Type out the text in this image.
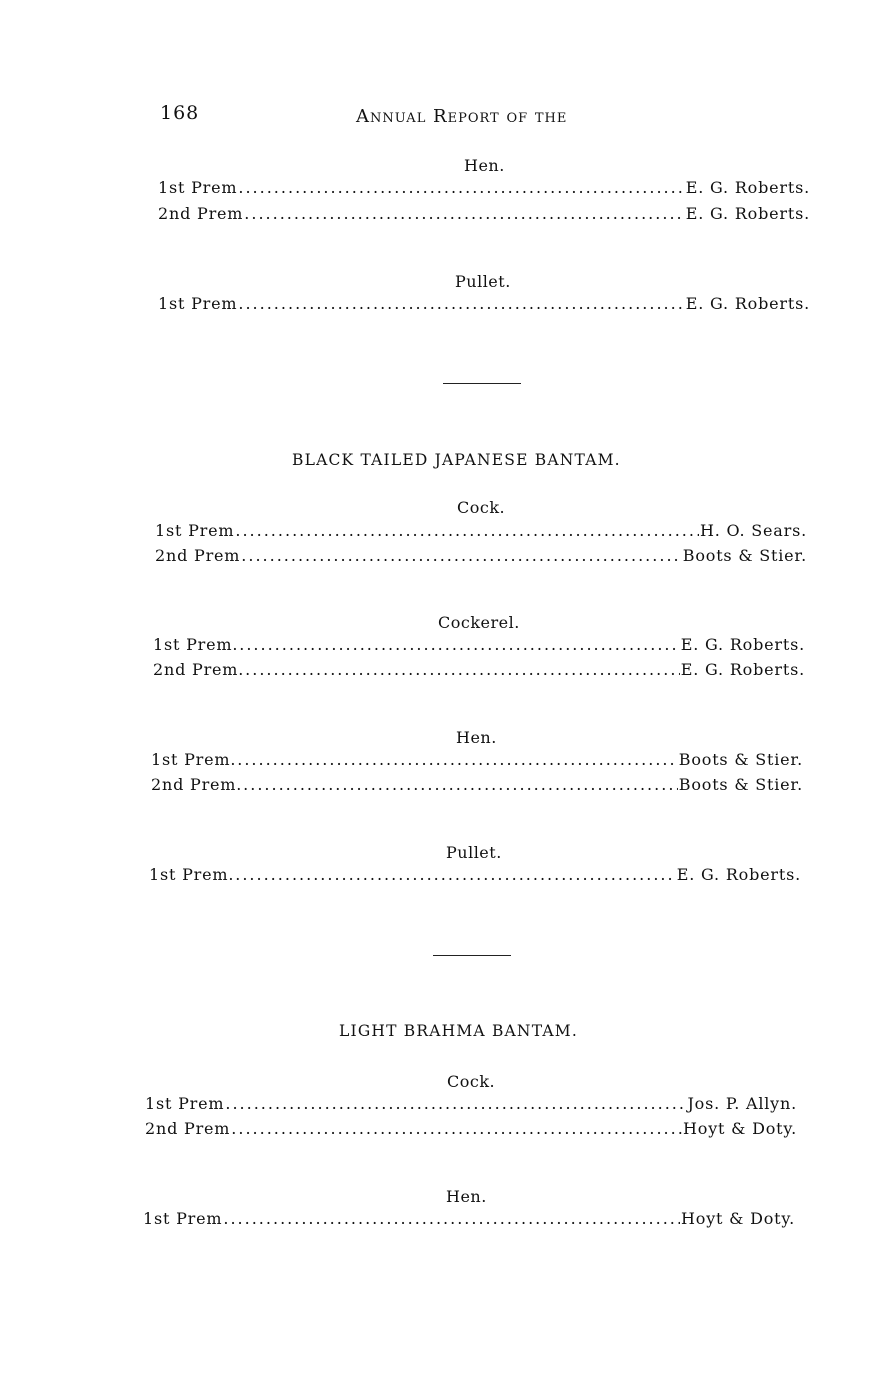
168	Annual Report of the
Hen.
1st Prem .....	E. G. Roberts.
2nd Prem .....	E. G. Roberts.
Pullet.
1st Prem .....	E. G. Roberts.
BLACK TAILED JAPANESE BANTAM.
Cock.
1st Prem .....	H. O. Sears.
2nd Prem .....	Boots & Stier.
Cockerel.
1st Prem. .....	E. G. Roberts.
2nd Prem. .....	E. G. Roberts.
Hen.
1st Prem. .....	Boots & Stier.
2nd Prem. .....	Boots & Stier.
Pullet.
1st Prem. .....	E. G. Roberts.
LIGHT BRAHMA BANTAM.
Cock.
1st Prem .....	Jos. P. Allyn.
2nd Prem .....	Hoyt & Doty.
Hen.
1st Prem .....	Hoyt & Doty.
